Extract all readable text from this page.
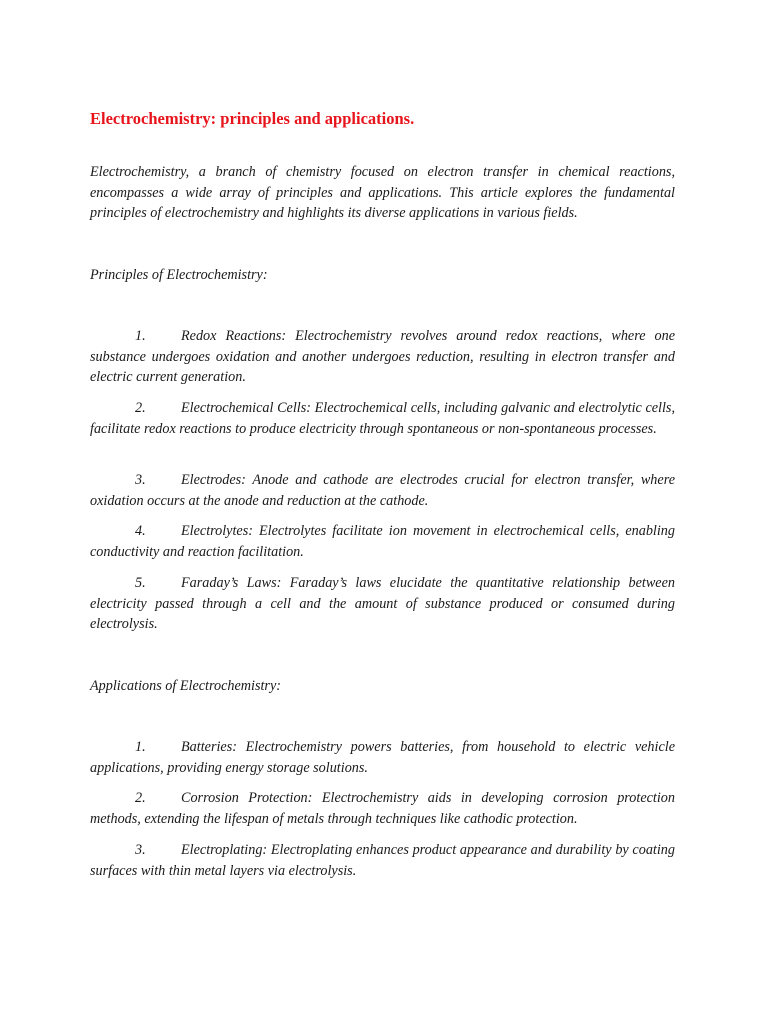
Electrochemistry: principles and applications.

Electrochemistry, a branch of chemistry focused on electron transfer in chemical reactions, encompasses a wide array of principles and applications. This article explores the fundamental principles of electrochemistry and highlights its diverse applications in various fields.

Principles of Electrochemistry:

1. Redox Reactions: Electrochemistry revolves around redox reactions, where one substance undergoes oxidation and another undergoes reduction, resulting in electron transfer and electric current generation.

2. Electrochemical Cells: Electrochemical cells, including galvanic and electrolytic cells, facilitate redox reactions to produce electricity through spontaneous or non-spontaneous processes.

3. Electrodes: Anode and cathode are electrodes crucial for electron transfer, where oxidation occurs at the anode and reduction at the cathode.

4. Electrolytes: Electrolytes facilitate ion movement in electrochemical cells, enabling conductivity and reaction facilitation.

5. Faraday’s Laws: Faraday’s laws elucidate the quantitative relationship between electricity passed through a cell and the amount of substance produced or consumed during electrolysis.

Applications of Electrochemistry:

1. Batteries: Electrochemistry powers batteries, from household to electric vehicle applications, providing energy storage solutions.

2. Corrosion Protection: Electrochemistry aids in developing corrosion protection methods, extending the lifespan of metals through techniques like cathodic protection.

3. Electroplating: Electroplating enhances product appearance and durability by coating surfaces with thin metal layers via electrolysis.
